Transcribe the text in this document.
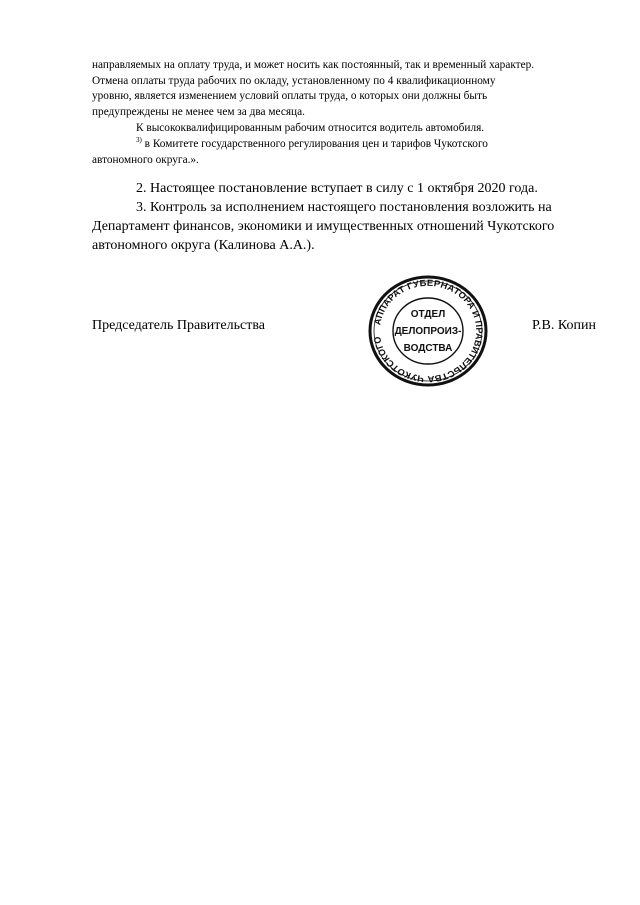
направляемых на оплату труда, и может носить как постоянный, так и временный характер.

Отмена оплаты труда рабочих по окладу, установленному по 4 квалификационному

уровню, является изменением условий оплаты труда, о которых они должны быть

предупреждены не менее чем за два месяца.

К высококвалифицированным рабочим относится водитель автомобиля.

$^{3)}$ в Комитете государственного регулирования цен и тарифов Чукотского

автономного округа.».

2. Настоящее постановление вступает в силу с 1 октября 2020 года.

3. Контроль за исполнением настоящего постановления возложить на

Департамент финансов, экономики и имущественных отношений Чукотского

автономного округа (Калинова А.А.).

Председатель Правительства	Р.В. Копин

АППАРАТ ГУБЕРНАТОРА И ПРАВИТЕЛЬСТВА ЧУКОТСКОГО
ОТДЕЛ
ДЕЛОПРОИЗ-
ВОДСТВА
